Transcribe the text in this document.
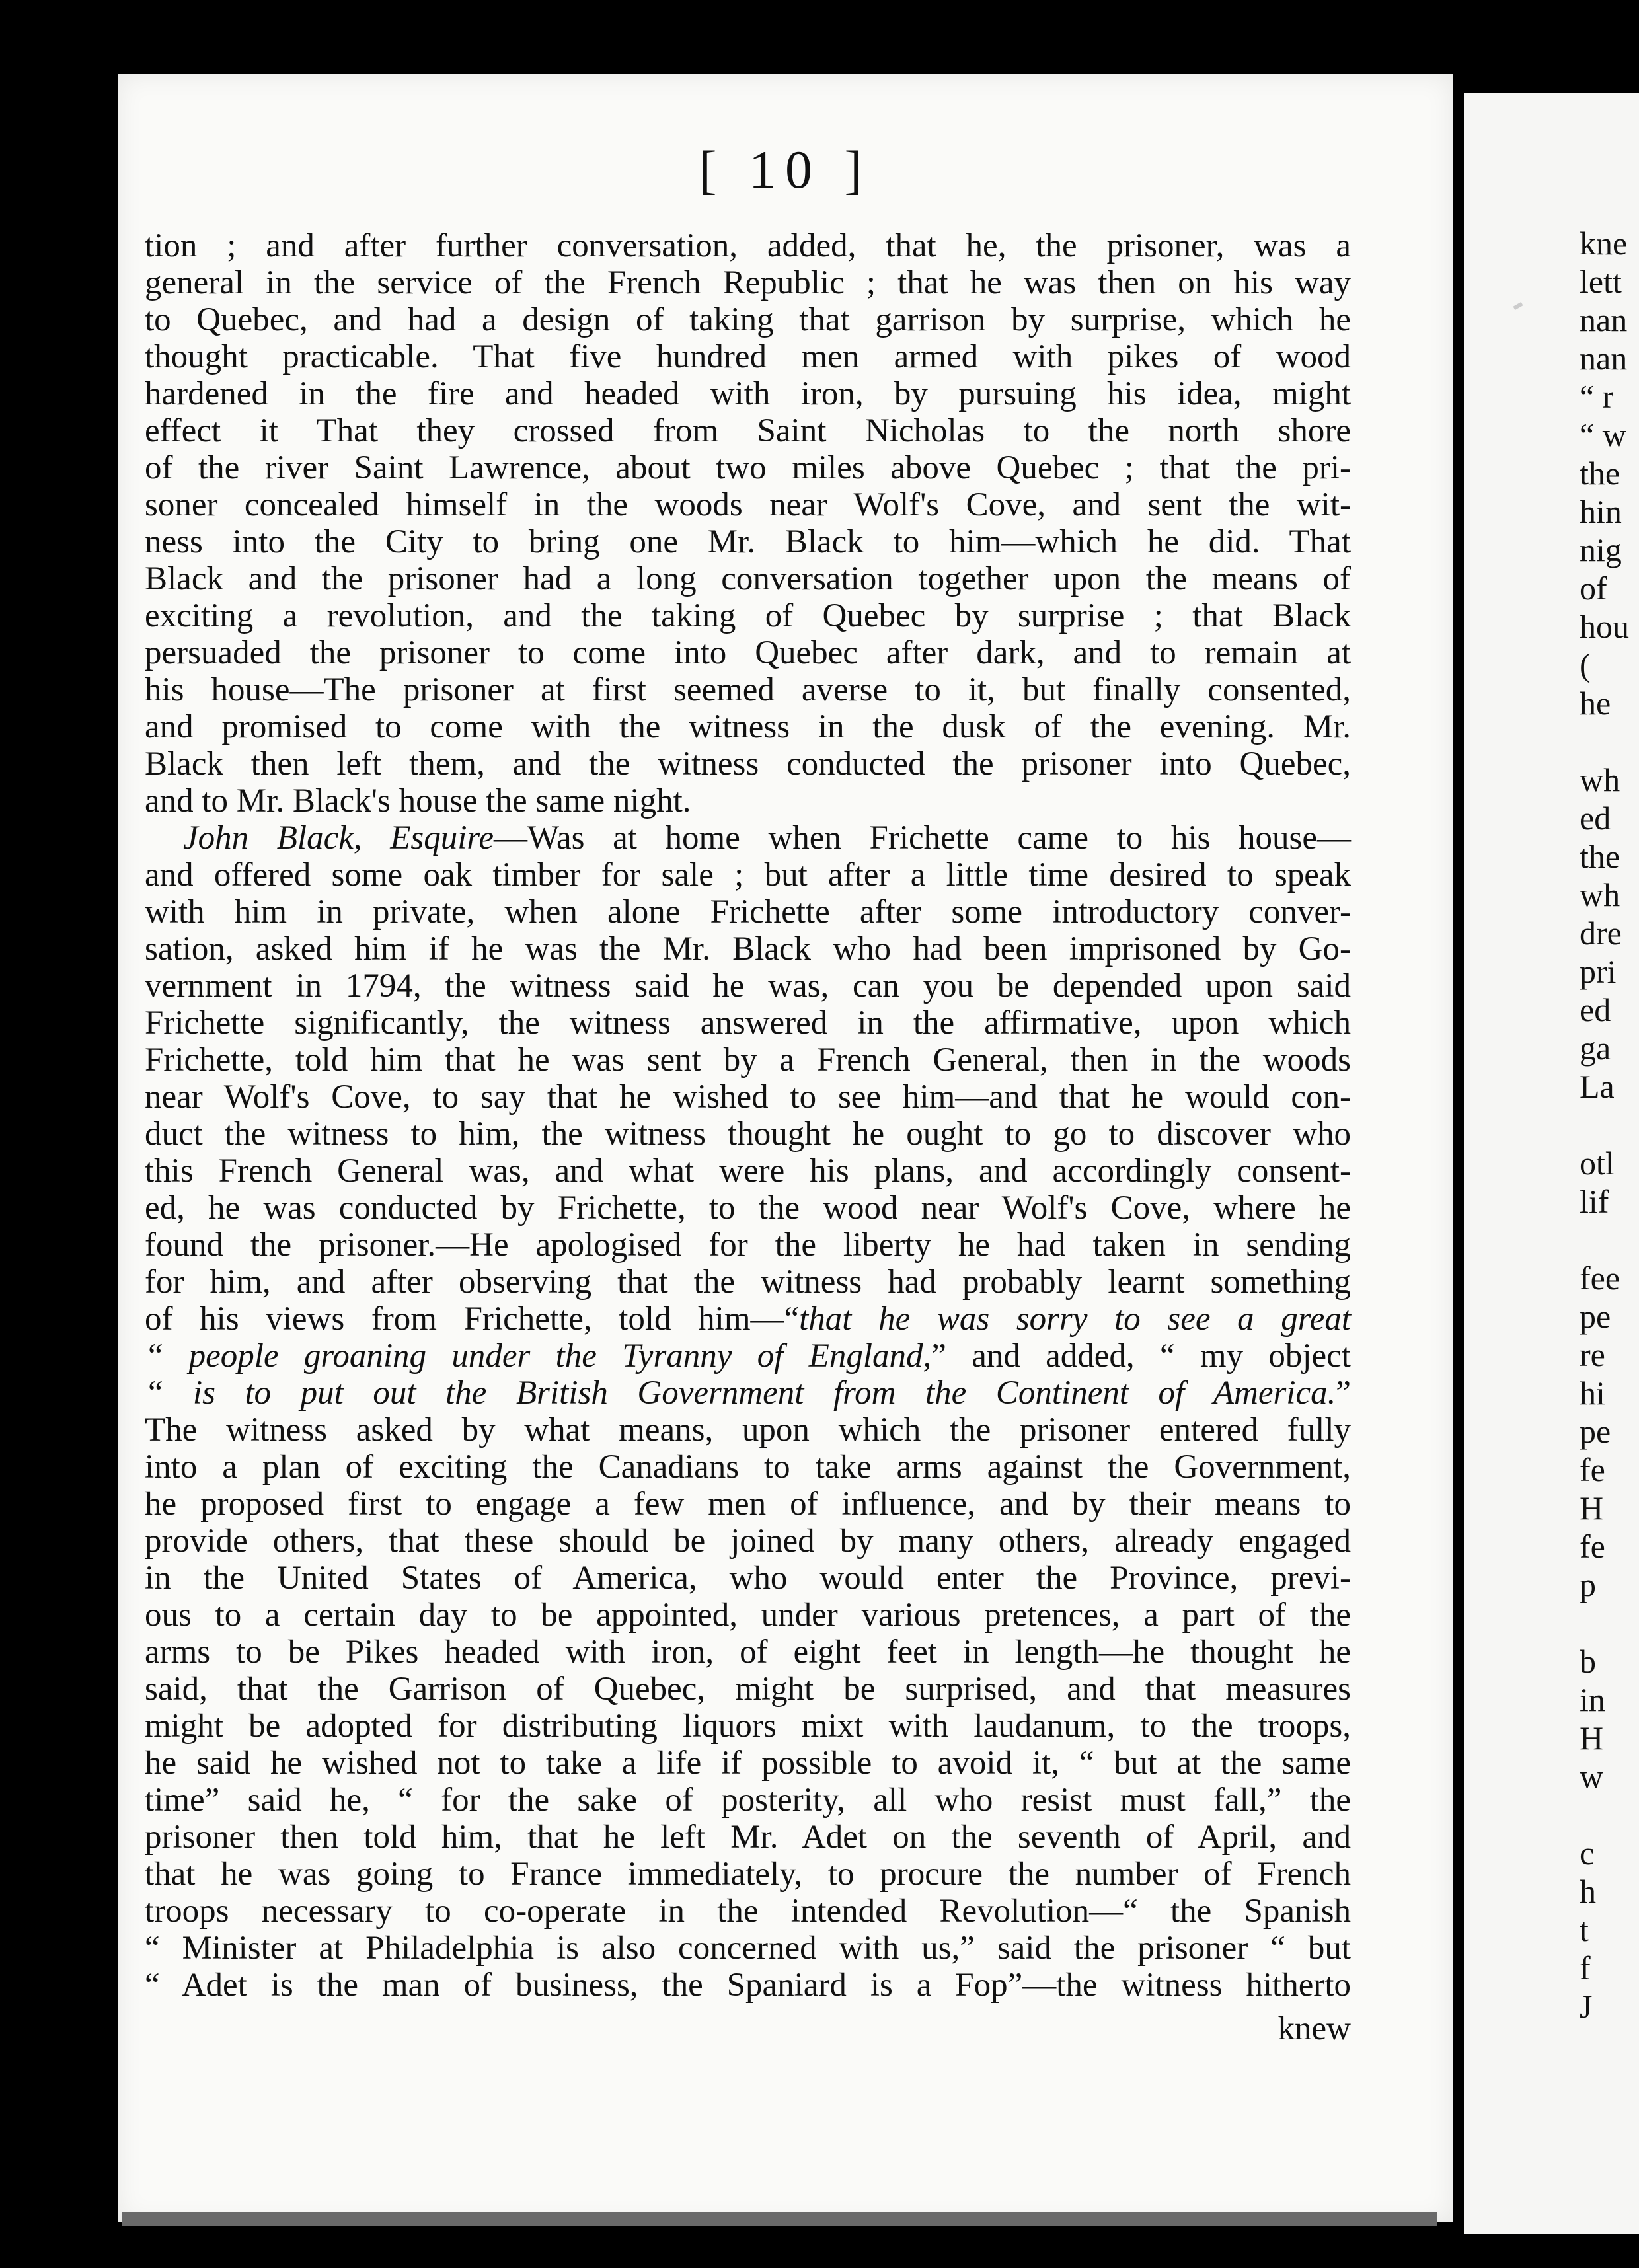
[ 10 ]
tion ; and after further conversation, added, that he, the prisoner, was a
general in the service of the French Republic ; that he was then on his way
to Quebec, and had a design of taking that garrison by surprise, which he
thought practicable. That five hundred men armed with pikes of wood
hardened in the fire and headed with iron, by pursuing his idea, might
effect it That they crossed from Saint Nicholas to the north shore
of the river Saint Lawrence, about two miles above Quebec ; that the pri-
soner concealed himself in the woods near Wolf's Cove, and sent the wit-
ness into the City to bring one Mr. Black to him—which he did. That
Black and the prisoner had a long conversation together upon the means of
exciting a revolution, and the taking of Quebec by surprise ; that Black
persuaded the prisoner to come into Quebec after dark, and to remain at
his house—The prisoner at first seemed averse to it, but finally consented,
and promised to come with the witness in the dusk of the evening. Mr.
Black then left them, and the witness conducted the prisoner into Quebec,
and to Mr. Black's house the same night.
John Black, Esquire—Was at home when Frichette came to his house—
and offered some oak timber for sale ; but after a little time desired to speak
with him in private, when alone Frichette after some introductory conver-
sation, asked him if he was the Mr. Black who had been imprisoned by Go-
vernment in 1794, the witness said he was, can you be depended upon said
Frichette significantly, the witness answered in the affirmative, upon which
Frichette, told him that he was sent by a French General, then in the woods
near Wolf's Cove, to say that he wished to see him—and that he would con-
duct the witness to him, the witness thought he ought to go to discover who
this French General was, and what were his plans, and accordingly consent-
ed, he was conducted by Frichette, to the wood near Wolf's Cove, where he
found the prisoner.—He apologised for the liberty he had taken in sending
for him, and after observing that the witness had probably learnt something
of his views from Frichette, told him—“that he was sorry to see a great
“ people groaning under the Tyranny of England,” and added, “ my object
“ is to put out the British Government from the Continent of America.”
The witness asked by what means, upon which the prisoner entered fully
into a plan of exciting the Canadians to take arms against the Government,
he proposed first to engage a few men of influence, and by their means to
provide others, that these should be joined by many others, already engaged
in the United States of America, who would enter the Province, previ-
ous to a certain day to be appointed, under various pretences, a part of the
arms to be Pikes headed with iron, of eight feet in length—he thought he
said, that the Garrison of Quebec, might be surprised, and that measures
might be adopted for distributing liquors mixt with laudanum, to the troops,
he said he wished not to take a life if possible to avoid it, “ but at the same
time” said he, “ for the sake of posterity, all who resist must fall,” the
prisoner then told him, that he left Mr. Adet on the seventh of April, and
that he was going to France immediately, to procure the number of French
troops necessary to co-operate in the intended Revolution—“ the Spanish
“ Minister at Philadelphia is also concerned with us,” said the prisoner “ but
“ Adet is the man of business, the Spaniard is a Fop”—the witness hitherto
knew
kne
lett
nan
nan
“ r
“ w
the
hin
nig
of
hou
(
he
wh
ed
the
wh
dre
pri
ed
ga
La
otl
lif
fee
pe
re
hi
pe
fe
H
fe
p
b
in
H
w
c
h
t
f
J
